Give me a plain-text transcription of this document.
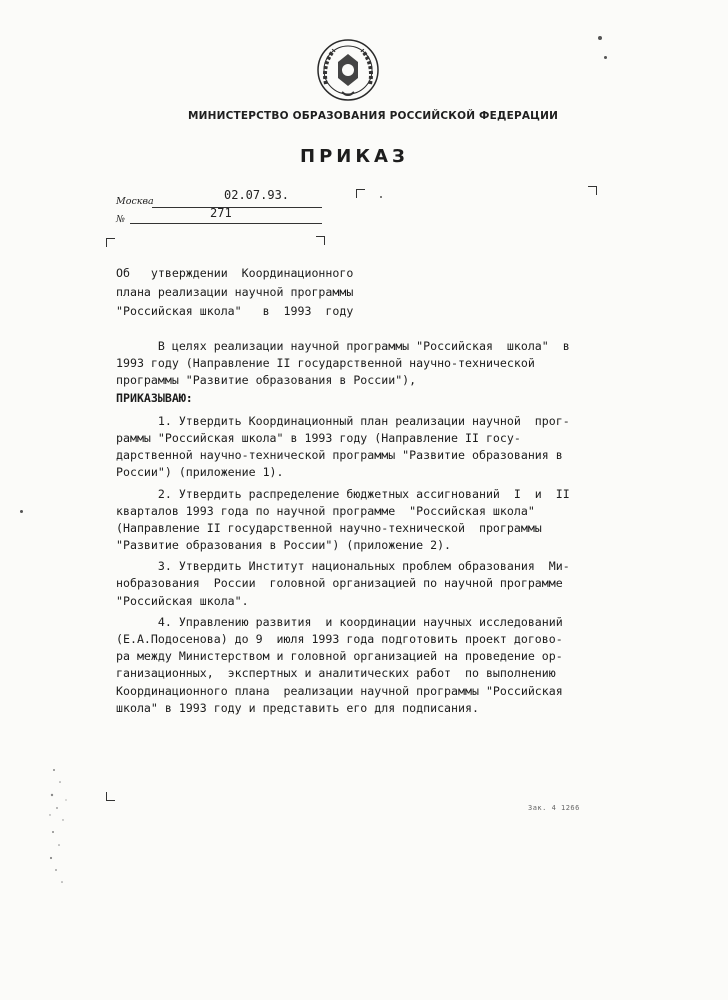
МИНИСТЕРСТВО ОБРАЗОВАНИЯ РОССИЙСКОЙ ФЕДЕРАЦИИ
ПРИКАЗ
Москва	02.07.93.
№	271
Об   утверждении  Координационного
плана реализации научной программы
"Российская школа"   в  1993  году
В целях реализации научной программы "Российская  школа"  в
1993 году (Направление II государственной научно-технической
программы "Развитие образования в России"),
ПРИКАЗЫВАЮ:
1. Утвердить Координационный план реализации научной  прог-
раммы "Российская школа" в 1993 году (Направление II госу-
дарственной научно-технической программы "Развитие образования в
России") (приложение 1).
2. Утвердить распределение бюджетных ассигнований  I  и  II
кварталов 1993 года по научной программе  "Российская школа"
(Направление II государственной научно-технической  программы
"Развитие образования в России") (приложение 2).
3. Утвердить Институт национальных проблем образования  Ми-
нобразования  России  головной организацией по научной программе
"Российская школа".
4. Управлению развития  и координации научных исследований
(Е.А.Подосенова) до 9  июля 1993 года подготовить проект догово-
ра между Министерством и головной организацией на проведение ор-
ганизационных,  экспертных и аналитических работ  по выполнению
Координационного плана  реализации научной программы "Российская
школа" в 1993 году и представить его для подписания.
Зак. 4 1266
